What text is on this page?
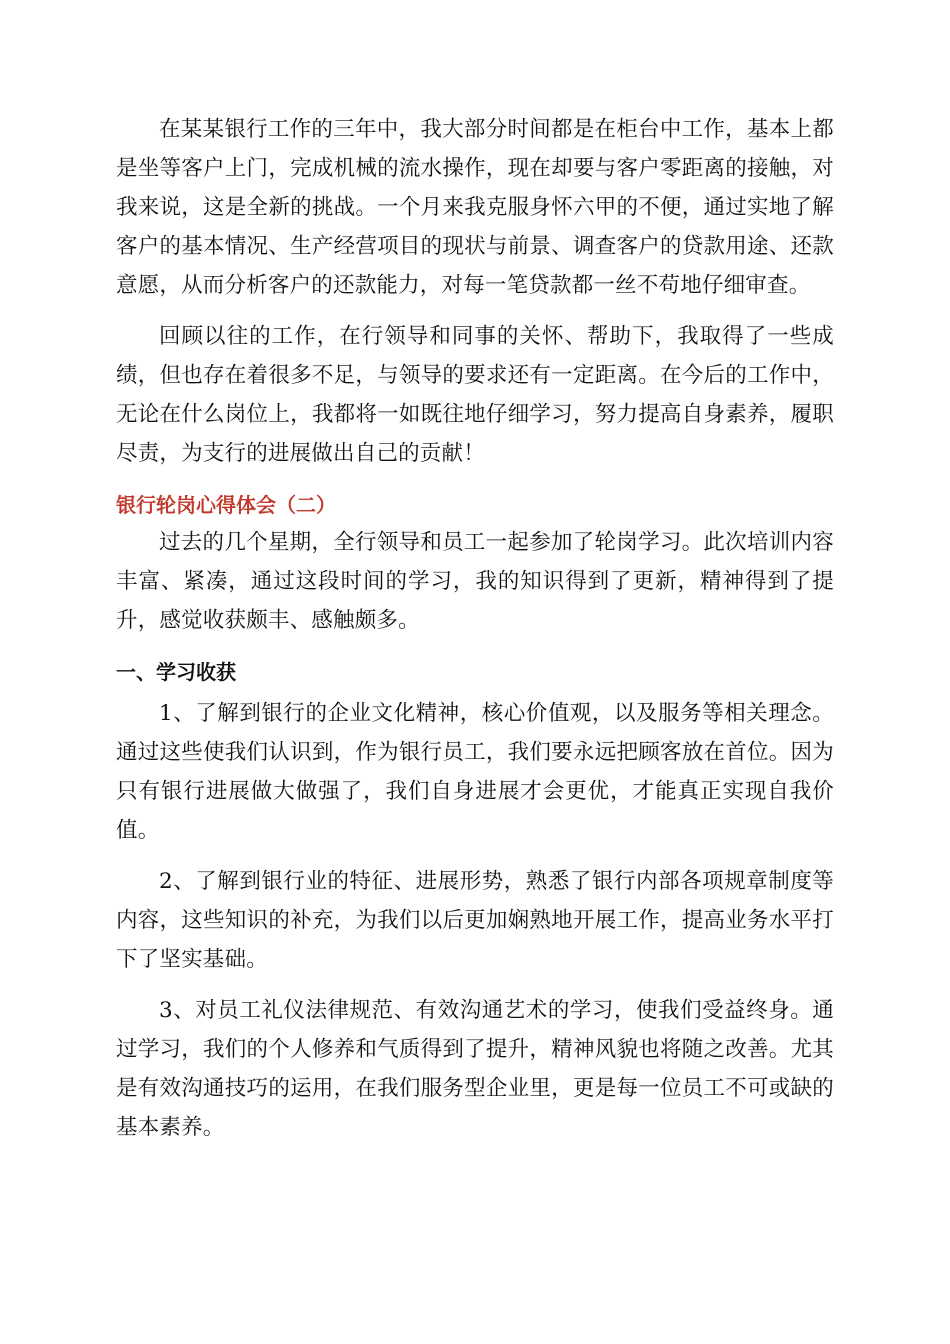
在某某银行工作的三年中，我大部分时间都是在柜台中工作，基本上都是坐等客户上门，完成机械的流水操作，现在却要与客户零距离的接触，对我来说，这是全新的挑战。一个月来我克服身怀六甲的不便，通过实地了解客户的基本情况、生产经营项目的现状与前景、调查客户的贷款用途、还款意愿，从而分析客户的还款能力，对每一笔贷款都一丝不苟地仔细审查。

回顾以往的工作，在行领导和同事的关怀、帮助下，我取得了一些成绩，但也存在着很多不足，与领导的要求还有一定距离。在今后的工作中，无论在什么岗位上，我都将一如既往地仔细学习，努力提高自身素养，履职尽责，为支行的进展做出自己的贡献！

银行轮岗心得体会（二）

过去的几个星期，全行领导和员工一起参加了轮岗学习。此次培训内容丰富、紧凑，通过这段时间的学习，我的知识得到了更新，精神得到了提升，感觉收获颇丰、感触颇多。

一、学习收获

1、了解到银行的企业文化精神，核心价值观，以及服务等相关理念。通过这些使我们认识到，作为银行员工，我们要永远把顾客放在首位。因为只有银行进展做大做强了，我们自身进展才会更优，才能真正实现自我价值。

2、了解到银行业的特征、进展形势，熟悉了银行内部各项规章制度等内容，这些知识的补充，为我们以后更加娴熟地开展工作，提高业务水平打下了坚实基础。

3、对员工礼仪法律规范、有效沟通艺术的学习，使我们受益终身。通过学习，我们的个人修养和气质得到了提升，精神风貌也将随之改善。尤其是有效沟通技巧的运用，在我们服务型企业里，更是每一位员工不可或缺的基本素养。
